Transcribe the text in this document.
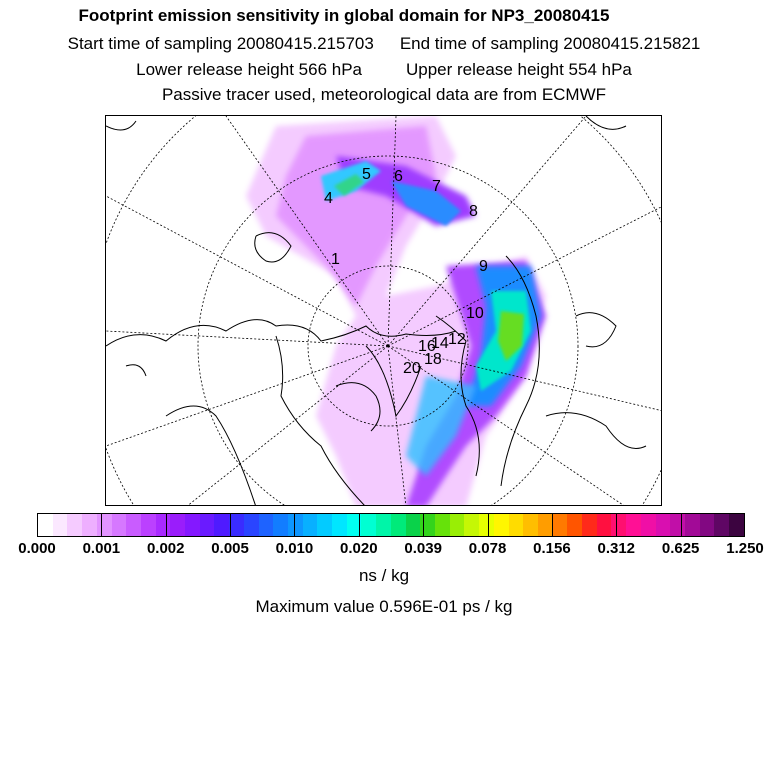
Footprint emission sensitivity in global domain for NP3_20080415
Start time of sampling 20080415.215703 End time of sampling 20080415.215821
Lower release height 566 hPa	Upper release height 554 hPa
Passive tracer used, meteorological data are from ECMWF
1
4
5 6
7
8
9
10
12
14
16
18
20
ns / kg
Maximum value 0.596E-01 ps / kg
0.000 0.001 0.002 0.005 0.010 0.020 0.039 0.078 0.156 0.312 0.625 1.250
